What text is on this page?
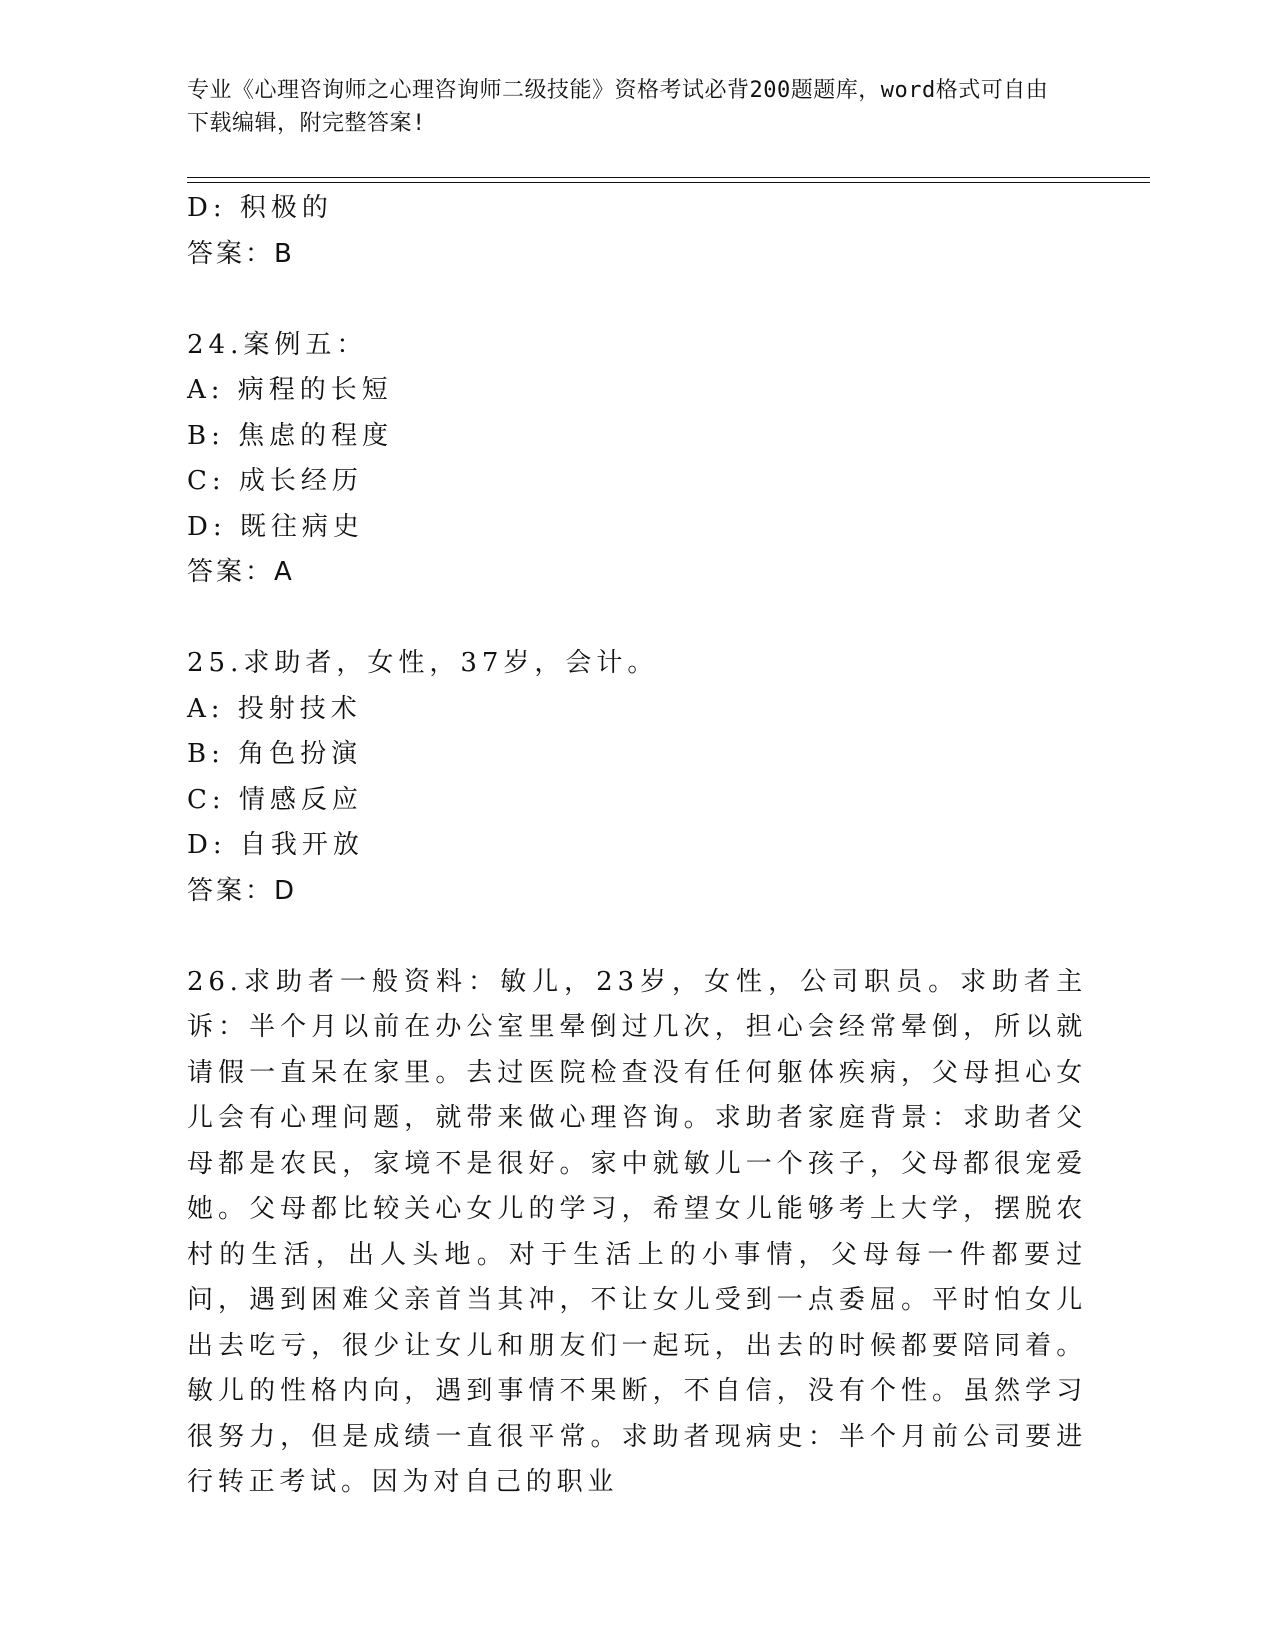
专业《心理咨询师之心理咨询师二级技能》资格考试必背200题题库，word格式可自由下载编辑，附完整答案!
D: 积极的
答案：B
24.案例五：
A: 病程的长短
B: 焦虑的程度
C: 成长经历
D: 既往病史
答案：A
25.求助者，女性，37岁，会计。
A: 投射技术
B: 角色扮演
C: 情感反应
D: 自我开放
答案：D
26.求助者一般资料：敏儿，23岁，女性，公司职员。求助者主诉：半个月以前在办公室里晕倒过几次，担心会经常晕倒，所以就请假一直呆在家里。去过医院检查没有任何躯体疾病，父母担心女儿会有心理问题，就带来做心理咨询。求助者家庭背景：求助者父母都是农民，家境不是很好。家中就敏儿一个孩子，父母都很宠爱她。父母都比较关心女儿的学习，希望女儿能够考上大学，摆脱农村的生活，出人头地。对于生活上的小事情，父母每一件都要过问，遇到困难父亲首当其冲，不让女儿受到一点委屈。平时怕女儿出去吃亏，很少让女儿和朋友们一起玩，出去的时候都要陪同着。敏儿的性格内向，遇到事情不果断，不自信，没有个性。虽然学习很努力，但是成绩一直很平常。求助者现病史：半个月前公司要进行转正考试。因为对自己的职业
